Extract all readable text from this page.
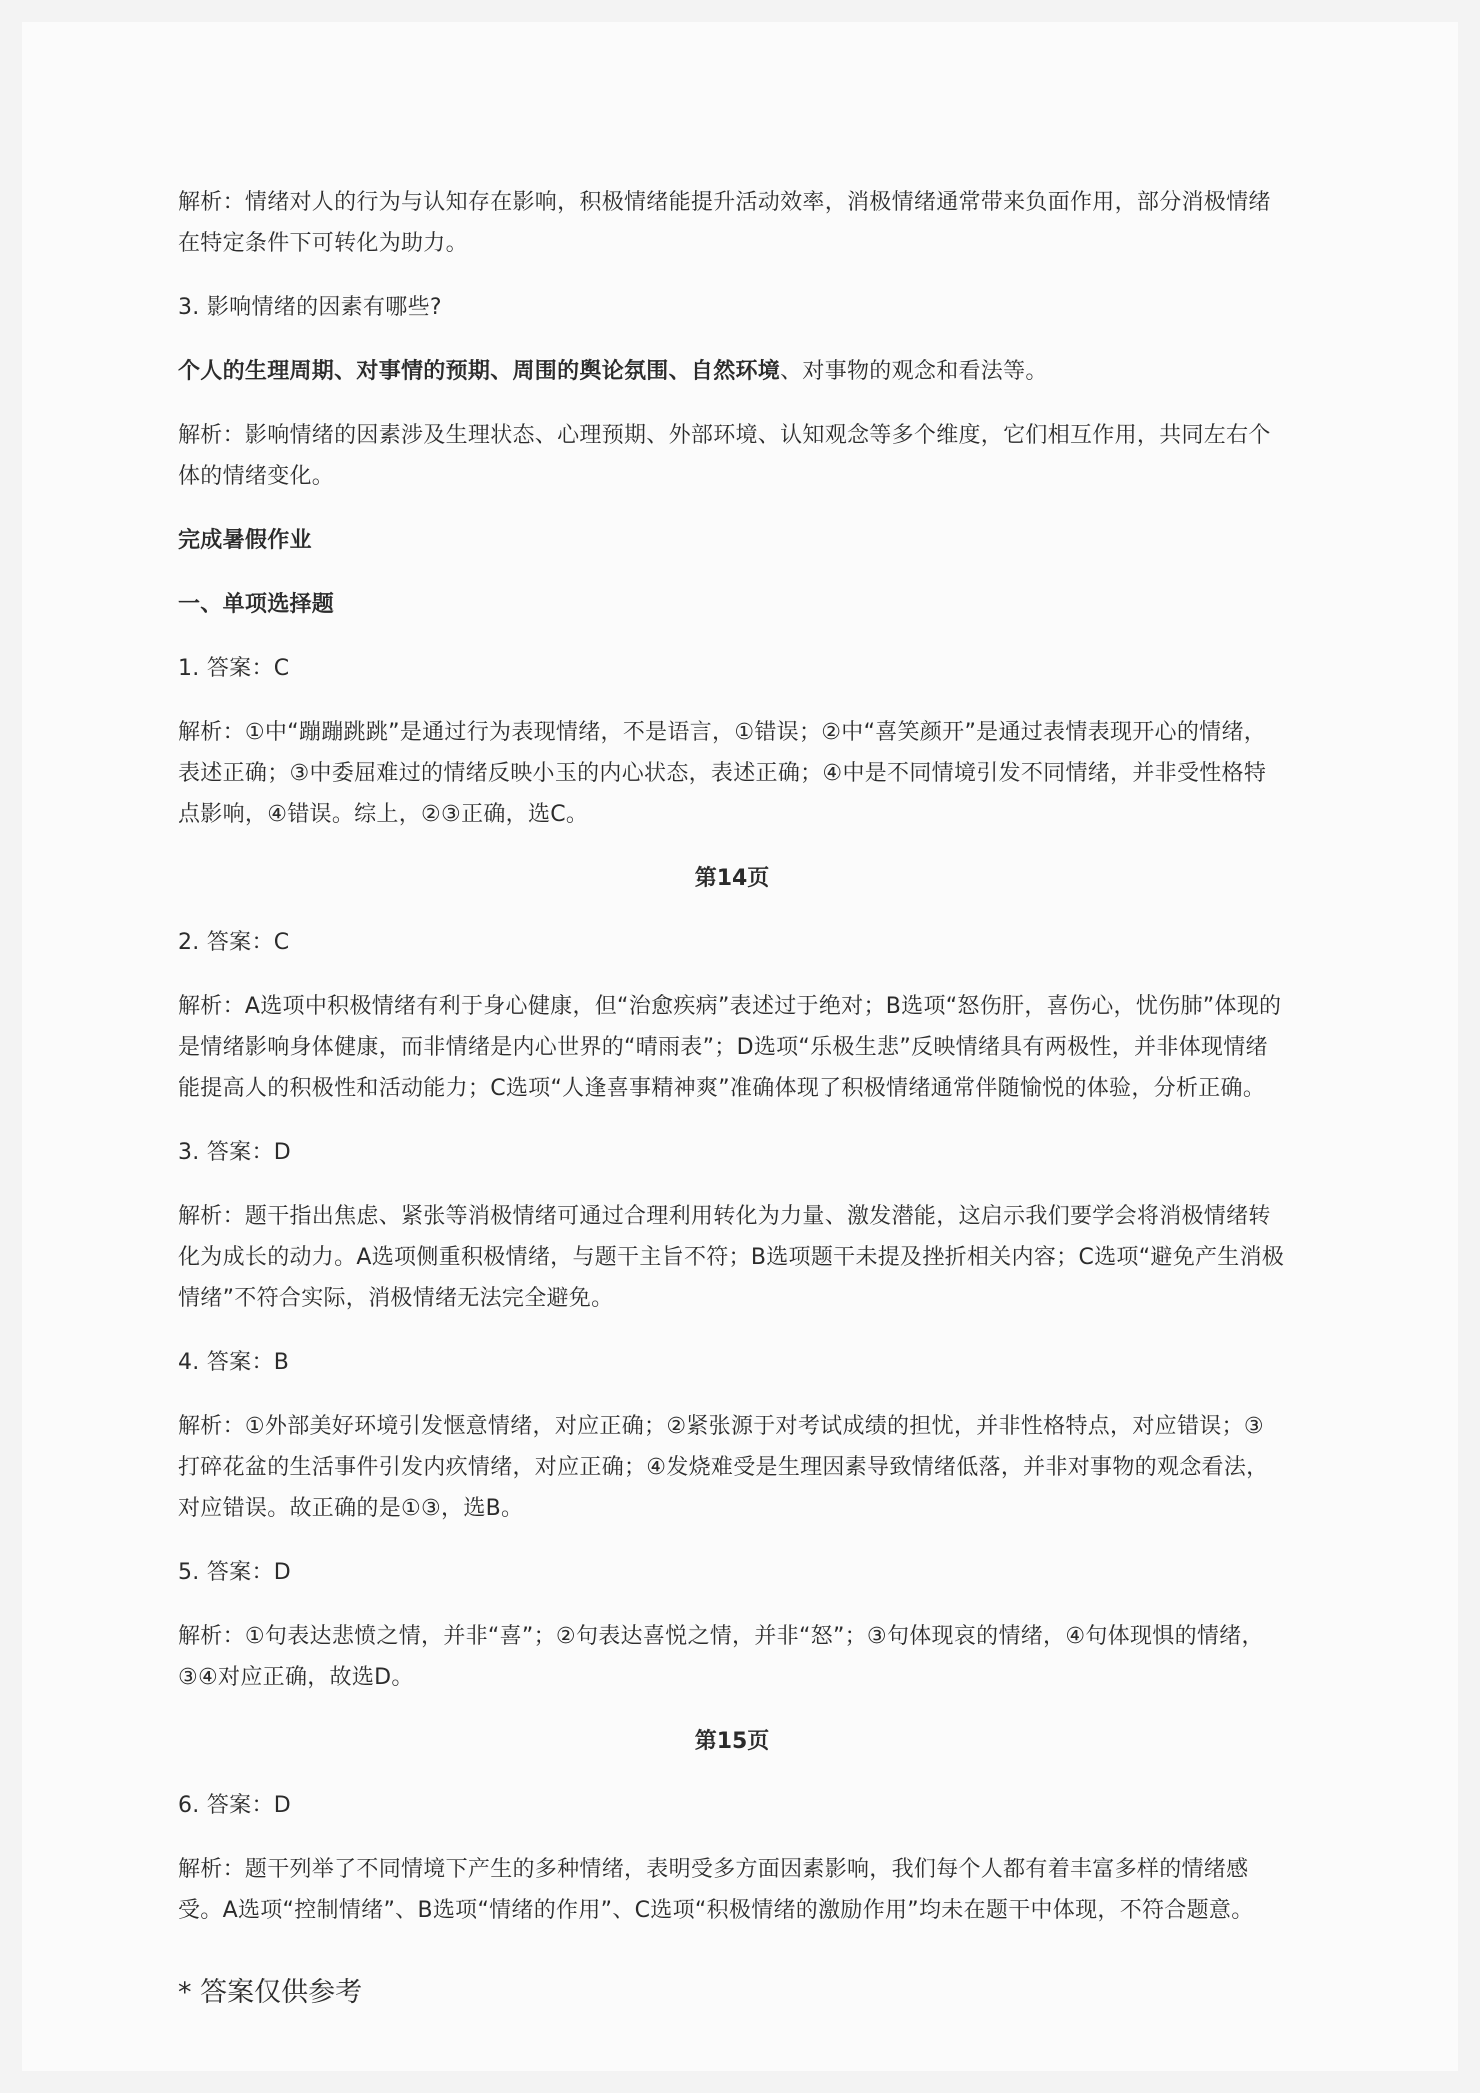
解析：情绪对人的行为与认知存在影响，积极情绪能提升活动效率，消极情绪通常带来负面作用，部分消极情绪在特定条件下可转化为助力。

3. 影响情绪的因素有哪些?

个人的生理周期、对事情的预期、周围的舆论氛围、自然环境、对事物的观念和看法等。

解析：影响情绪的因素涉及生理状态、心理预期、外部环境、认知观念等多个维度，它们相互作用，共同左右个体的情绪变化。

完成暑假作业

一、单项选择题

1. 答案：C

解析：①中“蹦蹦跳跳”是通过行为表现情绪，不是语言，①错误；②中“喜笑颜开”是通过表情表现开心的情绪，表述正确；③中委屈难过的情绪反映小玉的内心状态，表述正确；④中是不同情境引发不同情绪，并非受性格特点影响，④错误。综上，②③正确，选C。

第14页

2. 答案：C

解析：A选项中积极情绪有利于身心健康，但“治愈疾病”表述过于绝对；B选项“怒伤肝，喜伤心，忧伤肺”体现的是情绪影响身体健康，而非情绪是内心世界的“晴雨表”；D选项“乐极生悲”反映情绪具有两极性，并非体现情绪能提高人的积极性和活动能力；C选项“人逢喜事精神爽”准确体现了积极情绪通常伴随愉悦的体验，分析正确。

3. 答案：D

解析：题干指出焦虑、紧张等消极情绪可通过合理利用转化为力量、激发潜能，这启示我们要学会将消极情绪转化为成长的动力。A选项侧重积极情绪，与题干主旨不符；B选项题干未提及挫折相关内容；C选项“避免产生消极情绪”不符合实际，消极情绪无法完全避免。

4. 答案：B

解析：①外部美好环境引发惬意情绪，对应正确；②紧张源于对考试成绩的担忧，并非性格特点，对应错误；③打碎花盆的生活事件引发内疚情绪，对应正确；④发烧难受是生理因素导致情绪低落，并非对事物的观念看法，对应错误。故正确的是①③，选B。

5. 答案：D

解析：①句表达悲愤之情，并非“喜”；②句表达喜悦之情，并非“怒”；③句体现哀的情绪，④句体现惧的情绪，③④对应正确，故选D。

第15页

6. 答案：D

解析：题干列举了不同情境下产生的多种情绪，表明受多方面因素影响，我们每个人都有着丰富多样的情绪感受。A选项“控制情绪”、B选项“情绪的作用”、C选项“积极情绪的激励作用”均未在题干中体现，不符合题意。

* 答案仅供参考
